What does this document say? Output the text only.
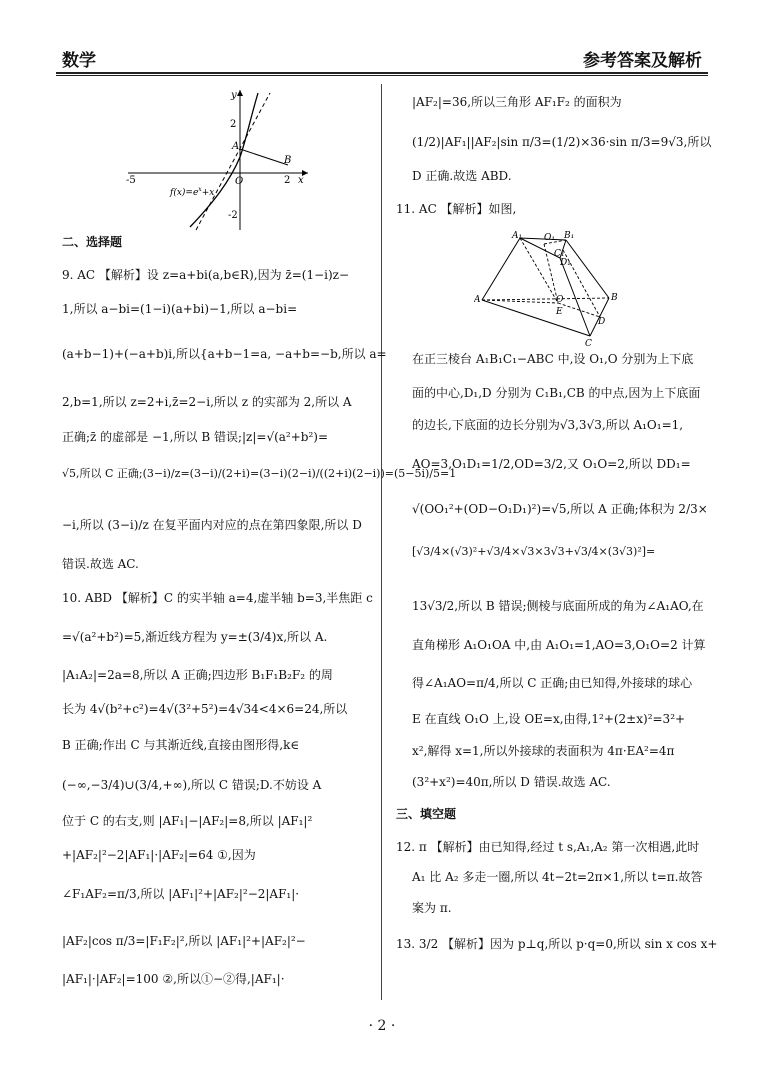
数学	参考答案及解析
y
x
O
A
B
-5	2
2
-2
$f(x)=e^x+x$
A₁ O₁ B₁
C₁
D₁
A	O
E
B
D
C
二、选择题
9. AC 【解析】设 z=a+bi(a,b∈R),因为 z̄=(1−i)z−
1,所以 a−bi=(1−i)(a+bi)−1,所以 a−bi=
(a+b−1)+(−a+b)i,所以{a+b−1=a, −a+b=−b,所以 a=
2,b=1,所以 z=2+i,z̄=2−i,所以 z 的实部为 2,所以 A
正确;z̄ 的虚部是 −1,所以 B 错误;|z|=√(a²+b²)=
√5,所以 C 正确;(3−i)/z=(3−i)/(2+i)=(3−i)(2−i)/((2+i)(2−i))=(5−5i)/5=1
−i,所以 (3−i)/z 在复平面内对应的点在第四象限,所以 D
错误.故选 AC.
10. ABD 【解析】C 的实半轴 a=4,虚半轴 b=3,半焦距 c
=√(a²+b²)=5,渐近线方程为 y=±(3/4)x,所以 A.
|A₁A₂|=2a=8,所以 A 正确;四边形 B₁F₁B₂F₂ 的周
长为 4√(b²+c²)=4√(3²+5²)=4√34<4×6=24,所以
B 正确;作出 C 与其渐近线,直接由图形得,k∈
(−∞,−3/4)∪(3/4,+∞),所以 C 错误;D.不妨设 A
位于 C 的右支,则 |AF₁|−|AF₂|=8,所以 |AF₁|²
+|AF₂|²−2|AF₁|·|AF₂|=64 ①,因为
∠F₁AF₂=π/3,所以 |AF₁|²+|AF₂|²−2|AF₁|·
|AF₂|cos π/3=|F₁F₂|²,所以 |AF₁|²+|AF₂|²−
|AF₁|·|AF₂|=100 ②,所以①−②得,|AF₁|·
|AF₂|=36,所以三角形 AF₁F₂ 的面积为
(1/2)|AF₁||AF₂|sin π/3=(1/2)×36·sin π/3=9√3,所以
D 正确.故选 ABD.
11. AC 【解析】如图,
在正三棱台 A₁B₁C₁−ABC 中,设 O₁,O 分别为上下底
面的中心,D₁,D 分别为 C₁B₁,CB 的中点,因为上下底面
的边长,下底面的边长分别为√3,3√3,所以 A₁O₁=1,
AO=3,O₁D₁=1/2,OD=3/2,又 O₁O=2,所以 DD₁=
√(OO₁²+(OD−O₁D₁)²)=√5,所以 A 正确;体积为 2/3×
[√3/4×(√3)²+√3/4×√3×3√3+√3/4×(3√3)²]=
13√3/2,所以 B 错误;侧棱与底面所成的角为∠A₁AO,在
直角梯形 A₁O₁OA 中,由 A₁O₁=1,AO=3,O₁O=2 计算
得∠A₁AO=π/4,所以 C 正确;由已知得,外接球的球心
E 在直线 O₁O 上,设 OE=x,由得,1²+(2±x)²=3²+
x²,解得 x=1,所以外接球的表面积为 4π·EA²=4π
(3²+x²)=40π,所以 D 错误.故选 AC.
三、填空题
12. π 【解析】由已知得,经过 t s,A₁,A₂ 第一次相遇,此时
A₁ 比 A₂ 多走一圈,所以 4t−2t=2π×1,所以 t=π.故答
案为 π.
13. 3/2 【解析】因为 p⊥q,所以 p·q=0,所以 sin x cos x+
· 2 ·
